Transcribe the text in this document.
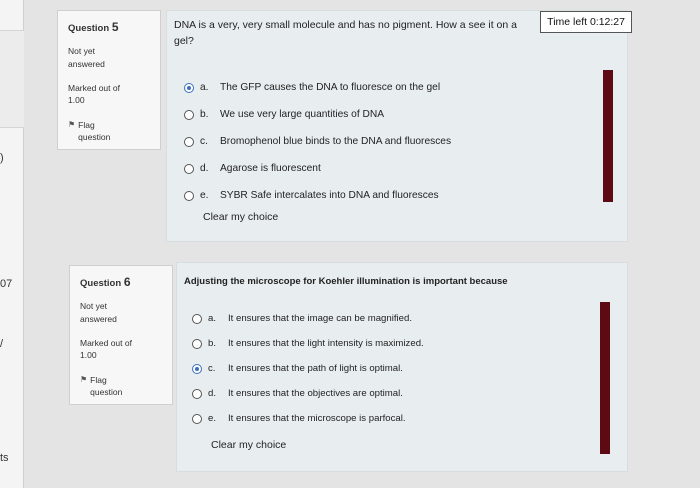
)
07
/
ts
Question 5
Not yet answered
Marked out of 1.00
⚑ Flag question
DNA is a very, very small molecule and has no pigment. How a see it on a gel?
a.	The GFP causes the DNA to fluoresce on the gel
b.	We use very large quantities of DNA
c.	Bromophenol blue binds to the DNA and fluoresces
d.	Agarose is fluorescent
e.	SYBR Safe intercalates into DNA and fluoresces
Clear my choice
Time left 0:12:27
Question 6
Not yet answered
Marked out of 1.00
⚑ Flag question
Adjusting the microscope for Koehler illumination is important because
a.	It ensures that the image can be magnified.
b.	It ensures that the light intensity is maximized.
c.	It ensures that the path of light is optimal.
d.	It ensures that the objectives are optimal.
e.	It ensures that the microscope is parfocal.
Clear my choice
